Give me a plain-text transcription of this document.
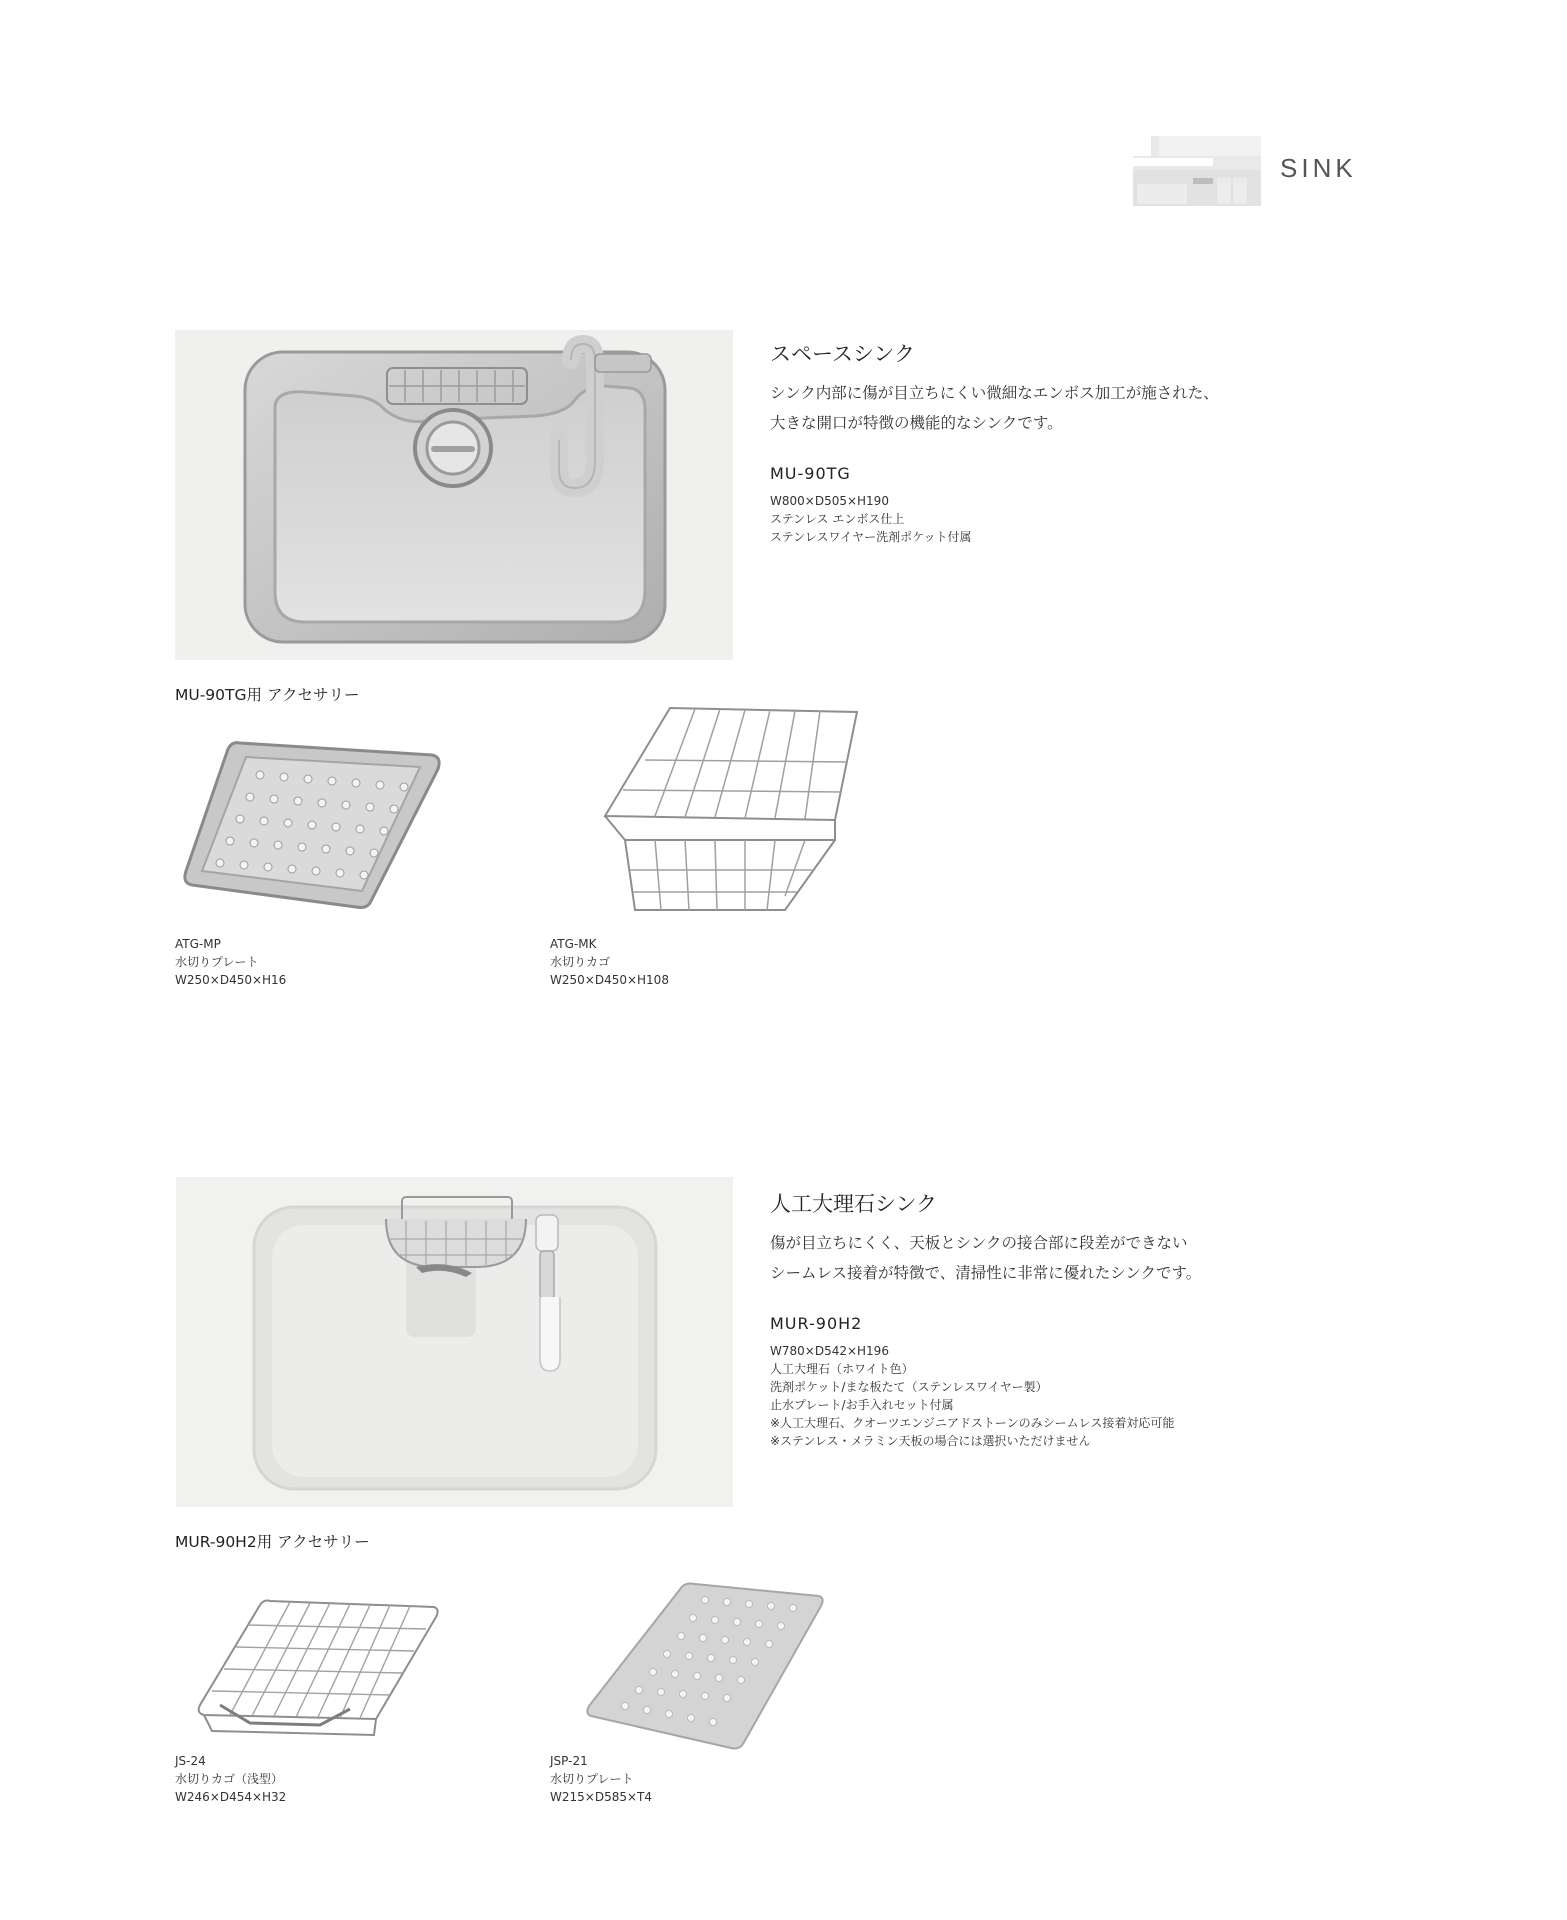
SINK
スペースシンク
シンク内部に傷が目立ちにくい微細なエンボス加工が施された、
大きな開口が特徴の機能的なシンクです。
MU-90TG
W800×D505×H190
ステンレス エンボス仕上
ステンレスワイヤー洗剤ポケット付属
MU-90TG用 アクセサリー
ATG-MP
水切りプレート
W250×D450×H16
ATG-MK
水切りカゴ
W250×D450×H108
人工大理石シンク
傷が目立ちにくく、天板とシンクの接合部に段差ができない
シームレス接着が特徴で、清掃性に非常に優れたシンクです。
MUR-90H2
W780×D542×H196
人工大理石（ホワイト色）
洗剤ポケット/まな板たて（ステンレスワイヤー製）
止水プレート/お手入れセット付属
※人工大理石、クオーツエンジニアドストーンのみシームレス接着対応可能
※ステンレス・メラミン天板の場合には選択いただけません
MUR-90H2用 アクセサリー
JS-24
水切りカゴ（浅型）
W246×D454×H32
JSP-21
水切りプレート
W215×D585×T4
